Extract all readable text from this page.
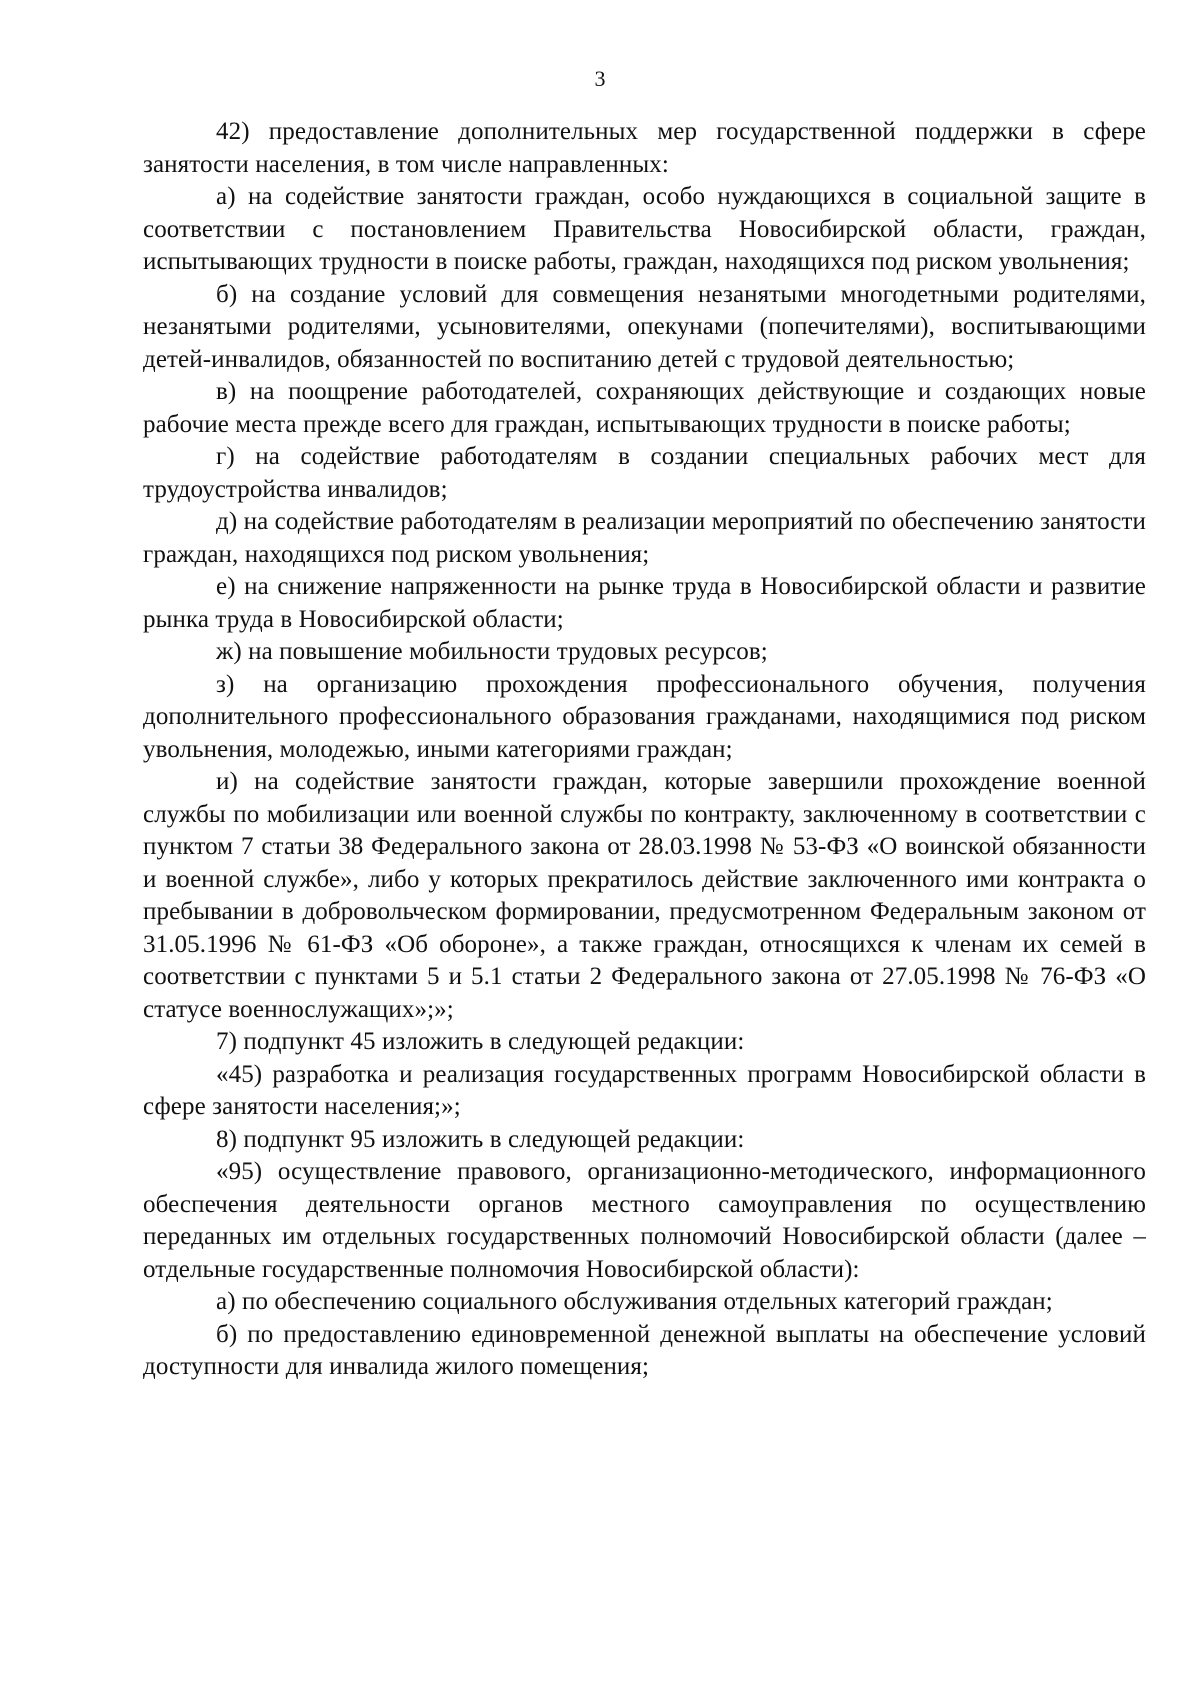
3

42) предоставление дополнительных мер государственной поддержки в сфере занятости населения, в том числе направленных:

а) на содействие занятости граждан, особо нуждающихся в социальной защите в соответствии с постановлением Правительства Новосибирской области, граждан, испытывающих трудности в поиске работы, граждан, находящихся под риском увольнения;

б) на создание условий для совмещения незанятыми многодетными родителями, незанятыми родителями, усыновителями, опекунами (попечителями), воспитывающими детей-инвалидов, обязанностей по воспитанию детей с трудовой деятельностью;

в) на поощрение работодателей, сохраняющих действующие и создающих новые рабочие места прежде всего для граждан, испытывающих трудности в поиске работы;

г) на содействие работодателям в создании специальных рабочих мест для трудоустройства инвалидов;

д) на содействие работодателям в реализации мероприятий по обеспечению занятости граждан, находящихся под риском увольнения;

е) на снижение напряженности на рынке труда в Новосибирской области и развитие рынка труда в Новосибирской области;

ж) на повышение мобильности трудовых ресурсов;

з) на организацию прохождения профессионального обучения, получения дополнительного профессионального образования гражданами, находящимися под риском увольнения, молодежью, иными категориями граждан;

и) на содействие занятости граждан, которые завершили прохождение военной службы по мобилизации или военной службы по контракту, заключенному в соответствии с пунктом 7 статьи 38 Федерального закона от 28.03.1998 № 53-ФЗ «О воинской обязанности и военной службе», либо у которых прекратилось действие заключенного ими контракта о пребывании в добровольческом формировании, предусмотренном Федеральным законом от 31.05.1996 № 61-ФЗ «Об обороне», а также граждан, относящихся к членам их семей в соответствии с пунктами 5 и 5.1 статьи 2 Федерального закона от 27.05.1998 № 76-ФЗ «О статусе военнослужащих»;»;

7) подпункт 45 изложить в следующей редакции:

«45) разработка и реализация государственных программ Новосибирской области в сфере занятости населения;»;

8) подпункт 95 изложить в следующей редакции:

«95) осуществление правового, организационно-методического, информационного обеспечения деятельности органов местного самоуправления по осуществлению переданных им отдельных государственных полномочий Новосибирской области (далее – отдельные государственные полномочия Новосибирской области):

а) по обеспечению социального обслуживания отдельных категорий граждан;

б) по предоставлению единовременной денежной выплаты на обеспечение условий доступности для инвалида жилого помещения;
